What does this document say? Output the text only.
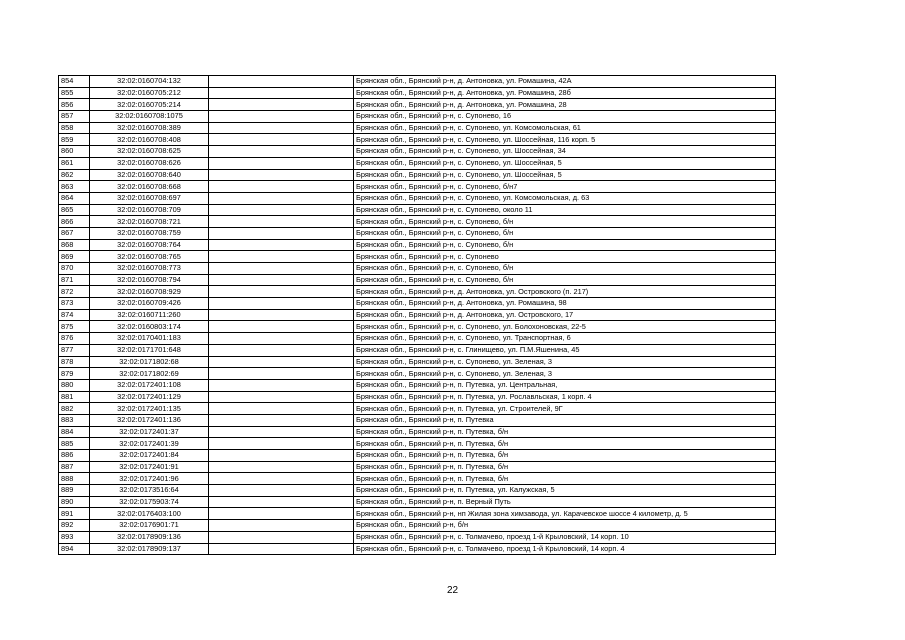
854	32:02:0160704:132		Брянская обл., Брянский р-н, д. Антоновка, ул. Ромашина, 42А
855	32:02:0160705:212		Брянская обл., Брянский р-н, д. Антоновка, ул. Ромашина, 28б
856	32:02:0160705:214		Брянская обл., Брянский р-н, д. Антоновка, ул. Ромашина, 28
857	32:02:0160708:1075		Брянская обл., Брянский р-н, с. Супонево, 16
858	32:02:0160708:389		Брянская обл., Брянский р-н, с. Супонево, ул. Комсомольская, 61
859	32:02:0160708:408		Брянская обл., Брянский р-н, с. Супонево, ул. Шоссейная, 116 корп. 5
860	32:02:0160708:625		Брянская обл., Брянский р-н, с. Супонево, ул. Шоссейная, 34
861	32:02:0160708:626		Брянская обл., Брянский р-н, с. Супонево, ул. Шоссейная, 5
862	32:02:0160708:640		Брянская обл., Брянский р-н, с. Супонево, ул. Шоссейная, 5
863	32:02:0160708:668		Брянская обл., Брянский р-н, с. Супонево, б/н7
864	32:02:0160708:697		Брянская обл., Брянский р-н, с. Супонево, ул. Комсомольская, д. 63
865	32:02:0160708:709		Брянская обл., Брянский р-н, с. Супонево, около 11
866	32:02:0160708:721		Брянская обл., Брянский р-н, с. Супонево, б/н
867	32:02:0160708:759		Брянская обл., Брянский р-н, с. Супонево, б/н
868	32:02:0160708:764		Брянская обл., Брянский р-н, с. Супонево, б/н
869	32:02:0160708:765		Брянская обл., Брянский р-н, с. Супонево
870	32:02:0160708:773		Брянская обл., Брянский р-н, с. Супонево, б/н
871	32:02:0160708:794		Брянская обл., Брянский р-н, с. Супонево, б/н
872	32:02:0160708:929		Брянская обл., Брянский р-н, д. Антоновка, ул. Островского (п. 217)
873	32:02:0160709:426		Брянская обл., Брянский р-н, д. Антоновка, ул. Ромашина, 98
874	32:02:0160711:260		Брянская обл., Брянский р-н, д. Антоновка, ул. Островского, 17
875	32:02:0160803:174		Брянская обл., Брянский р-н, с. Супонево, ул. Болохоновская, 22-5
876	32:02:0170401:183		Брянская обл., Брянский р-н, с. Супонево, ул. Транспортная, 6
877	32:02:0171701:648		Брянская обл., Брянский р-н, с. Глинищево, ул. П.М.Яшенина, 45
878	32:02:0171802:68		Брянская обл., Брянский р-н, с. Супонево, ул. Зеленая, 3
879	32:02:0171802:69		Брянская обл., Брянский р-н, с. Супонево, ул. Зеленая, 3
880	32:02:0172401:108		Брянская обл., Брянский р-н, п. Путевка, ул. Центральная,
881	32:02:0172401:129		Брянская обл., Брянский р-н, п. Путевка, ул. Рославльская, 1 корп. 4
882	32:02:0172401:135		Брянская обл., Брянский р-н, п. Путевка, ул. Строителей, 9Г
883	32:02:0172401:136		Брянская обл., Брянский р-н, п. Путевка
884	32:02:0172401:37		Брянская обл., Брянский р-н, п. Путевка, б/н
885	32:02:0172401:39		Брянская обл., Брянский р-н, п. Путевка, б/н
886	32:02:0172401:84		Брянская обл., Брянский р-н, п. Путевка, б/н
887	32:02:0172401:91		Брянская обл., Брянский р-н, п. Путевка, б/н
888	32:02:0172401:96		Брянская обл., Брянский р-н, п. Путевка, б/н
889	32:02:0173516:64		Брянская обл., Брянский р-н, п. Путевка, ул. Калужская, 5
890	32:02:0175903:74		Брянская обл., Брянский р-н, п. Верный Путь
891	32:02:0176403:100		Брянская обл., Брянский р-н, нп Жилая зона химзавода, ул. Карачевское шоссе 4 километр, д. 5
892	32:02:0176901:71		Брянская обл., Брянский р-н, б/н
893	32:02:0178909:136		Брянская обл., Брянский р-н, с. Толмачево, проезд 1-й Крыловский, 14 корп. 10
894	32:02:0178909:137		Брянская обл., Брянский р-н, с. Толмачево, проезд 1-й Крыловский, 14 корп. 4
22
